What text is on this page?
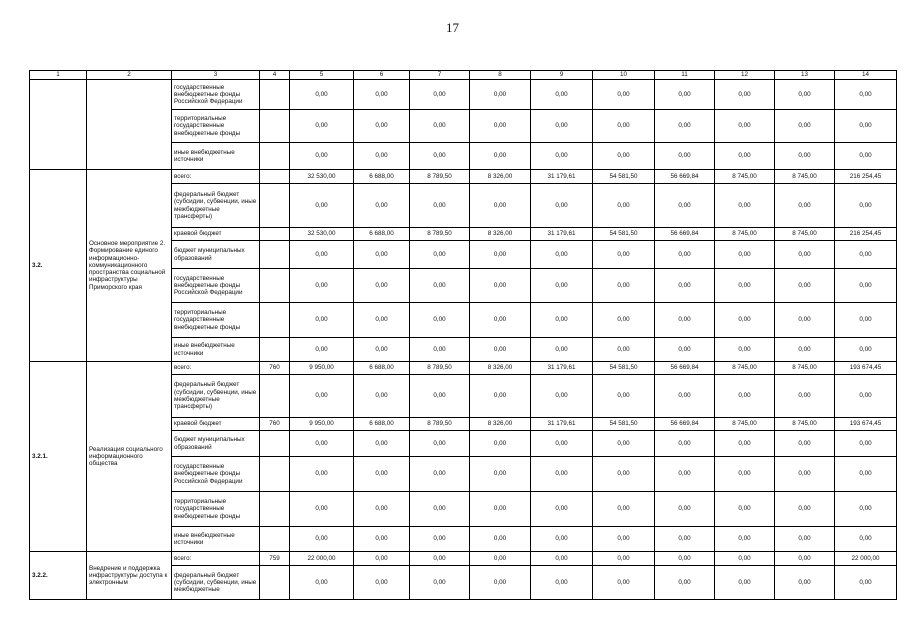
17
1	2	3	4	5	6	7	8	9	10	11	12	13	14
		государственные внебюджетные фонды Российской Федерации		0,00	0,00	0,00	0,00	0,00	0,00	0,00	0,00	0,00	0,00
		территориальные государственные внебюджетные фонды		0,00	0,00	0,00	0,00	0,00	0,00	0,00	0,00	0,00	0,00
		иные внебюджетные источники		0,00	0,00	0,00	0,00	0,00	0,00	0,00	0,00	0,00	0,00
3.2.	Основное мероприятие 2. Формирование единого информационно-коммуникационного пространства социальной инфраструктуры Приморского края	всего:		32 530,00	6 688,00	8 789,50	8 326,00	31 179,61	54 581,50	56 669,84	8 745,00	8 745,00	216 254,45
		федеральный бюджет (субсидии, субвенции, иные межбюджетные трансферты)		0,00	0,00	0,00	0,00	0,00	0,00	0,00	0,00	0,00	0,00
		краевой бюджет		32 530,00	6 688,00	8 789,50	8 326,00	31 179,61	54 581,50	56 669,84	8 745,00	8 745,00	216 254,45
		бюджет муниципальных образований		0,00	0,00	0,00	0,00	0,00	0,00	0,00	0,00	0,00	0,00
		государственные внебюджетные фонды Российской Федерации		0,00	0,00	0,00	0,00	0,00	0,00	0,00	0,00	0,00	0,00
		территориальные государственные внебюджетные фонды		0,00	0,00	0,00	0,00	0,00	0,00	0,00	0,00	0,00	0,00
		иные внебюджетные источники		0,00	0,00	0,00	0,00	0,00	0,00	0,00	0,00	0,00	0,00
3.2.1.	Реализация социального информационного общества	всего:	760	9 950,00	6 688,00	8 789,50	8 326,00	31 179,61	54 581,50	56 669,84	8 745,00	8 745,00	193 674,45
		федеральный бюджет (субсидии, субвенции, иные межбюджетные трансферты)		0,00	0,00	0,00	0,00	0,00	0,00	0,00	0,00	0,00	0,00
		краевой бюджет	760	9 950,00	6 688,00	8 789,50	8 326,00	31 179,61	54 581,50	56 669,84	8 745,00	8 745,00	193 674,45
		бюджет муниципальных образований		0,00	0,00	0,00	0,00	0,00	0,00	0,00	0,00	0,00	0,00
		государственные внебюджетные фонды Российской Федерации		0,00	0,00	0,00	0,00	0,00	0,00	0,00	0,00	0,00	0,00
		территориальные государственные внебюджетные фонды		0,00	0,00	0,00	0,00	0,00	0,00	0,00	0,00	0,00	0,00
		иные внебюджетные источники		0,00	0,00	0,00	0,00	0,00	0,00	0,00	0,00	0,00	0,00
3.2.2.	Внедрение и поддержка инфраструктуры доступа к электронным	всего:	759	22 000,00	0,00	0,00	0,00	0,00	0,00	0,00	0,00	0,00	22 000,00
		федеральный бюджет (субсидии, субвенции, иные межбюджетные		0,00	0,00	0,00	0,00	0,00	0,00	0,00	0,00	0,00	0,00
